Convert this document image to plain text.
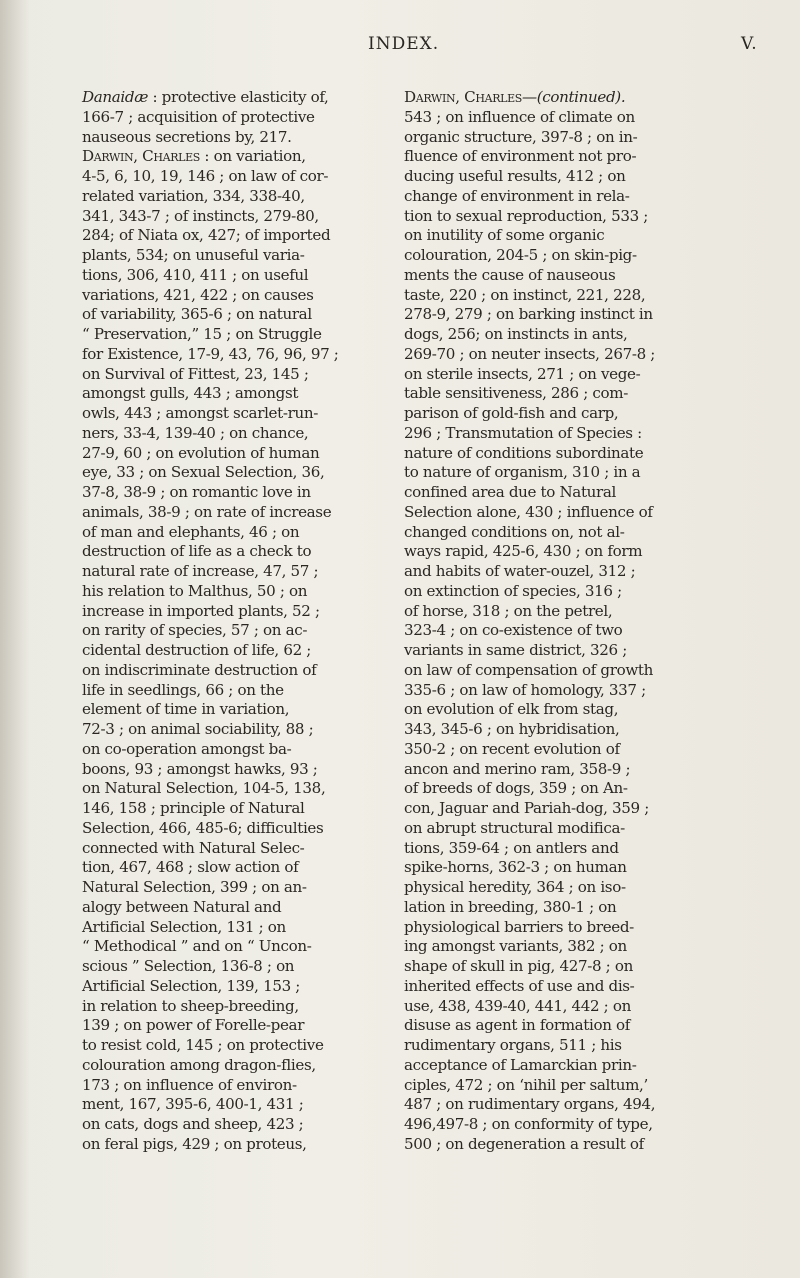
INDEX.	V.
Danaidæ : protective elasticity of,
166-7 ; acquisition of protective
nauseous secretions by, 217.
Darwin, Charles : on variation,
4-5, 6, 10, 19, 146 ; on law of cor-
related variation, 334, 338-40,
341, 343-7 ; of instincts, 279-80,
284; of Niata ox, 427; of imported
plants, 534; on unuseful varia-
tions, 306, 410, 411 ; on useful
variations, 421, 422 ; on causes
of variability, 365-6 ; on natural
“ Preservation,” 15 ; on Struggle
for Existence, 17-9, 43, 76, 96, 97 ;
on Survival of Fittest, 23, 145 ;
amongst gulls, 443 ; amongst
owls, 443 ; amongst scarlet-run-
ners, 33-4, 139-40 ; on chance,
27-9, 60 ; on evolution of human
eye, 33 ; on Sexual Selection, 36,
37-8, 38-9 ; on romantic love in
animals, 38-9 ; on rate of increase
of man and elephants, 46 ; on
destruction of life as a check to
natural rate of increase, 47, 57 ;
his relation to Malthus, 50 ; on
increase in imported plants, 52 ;
on rarity of species, 57 ; on ac-
cidental destruction of life, 62 ;
on indiscriminate destruction of
life in seedlings, 66 ; on the
element of time in variation,
72-3 ; on animal sociability, 88 ;
on co-operation amongst ba-
boons, 93 ; amongst hawks, 93 ;
on Natural Selection, 104-5, 138,
146, 158 ; principle of Natural
Selection, 466, 485-6; difficulties
connected with Natural Selec-
tion, 467, 468 ; slow action of
Natural Selection, 399 ; on an-
alogy between Natural and
Artificial Selection, 131 ; on
“ Methodical ” and on “ Uncon-
scious ” Selection, 136-8 ; on
Artificial Selection, 139, 153 ;
in relation to sheep-breeding,
139 ; on power of Forelle-pear
to resist cold, 145 ; on protective
colouration among dragon-flies,
173 ; on influence of environ-
ment, 167, 395-6, 400-1, 431 ;
on cats, dogs and sheep, 423 ;
on feral pigs, 429 ; on proteus,
Darwin, Charles—(continued).
543 ; on influence of climate on
organic structure, 397-8 ; on in-
fluence of environment not pro-
ducing useful results, 412 ; on
change of environment in rela-
tion to sexual reproduction, 533 ;
on inutility of some organic
colouration, 204-5 ; on skin-pig-
ments the cause of nauseous
taste, 220 ; on instinct, 221, 228,
278-9, 279 ; on barking instinct in
dogs, 256; on instincts in ants,
269-70 ; on neuter insects, 267-8 ;
on sterile insects, 271 ; on vege-
table sensitiveness, 286 ; com-
parison of gold-fish and carp,
296 ; Transmutation of Species :
nature of conditions subordinate
to nature of organism, 310 ; in a
confined area due to Natural
Selection alone, 430 ; influence of
changed conditions on, not al-
ways rapid, 425-6, 430 ; on form
and habits of water-ouzel, 312 ;
on extinction of species, 316 ;
of horse, 318 ; on the petrel,
323-4 ; on co-existence of two
variants in same district, 326 ;
on law of compensation of growth
335-6 ; on law of homology, 337 ;
on evolution of elk from stag,
343, 345-6 ; on hybridisation,
350-2 ; on recent evolution of
ancon and merino ram, 358-9 ;
of breeds of dogs, 359 ; on An-
con, Jaguar and Pariah-dog, 359 ;
on abrupt structural modifica-
tions, 359-64 ; on antlers and
spike-horns, 362-3 ; on human
physical heredity, 364 ; on iso-
lation in breeding, 380-1 ; on
physiological barriers to breed-
ing amongst variants, 382 ; on
shape of skull in pig, 427-8 ; on
inherited effects of use and dis-
use, 438, 439-40, 441, 442 ; on
disuse as agent in formation of
rudimentary organs, 511 ; his
acceptance of Lamarckian prin-
ciples, 472 ; on ‘nihil per saltum,’
487 ; on rudimentary organs, 494,
496,497-8 ; on conformity of type,
500 ; on degeneration a result of
